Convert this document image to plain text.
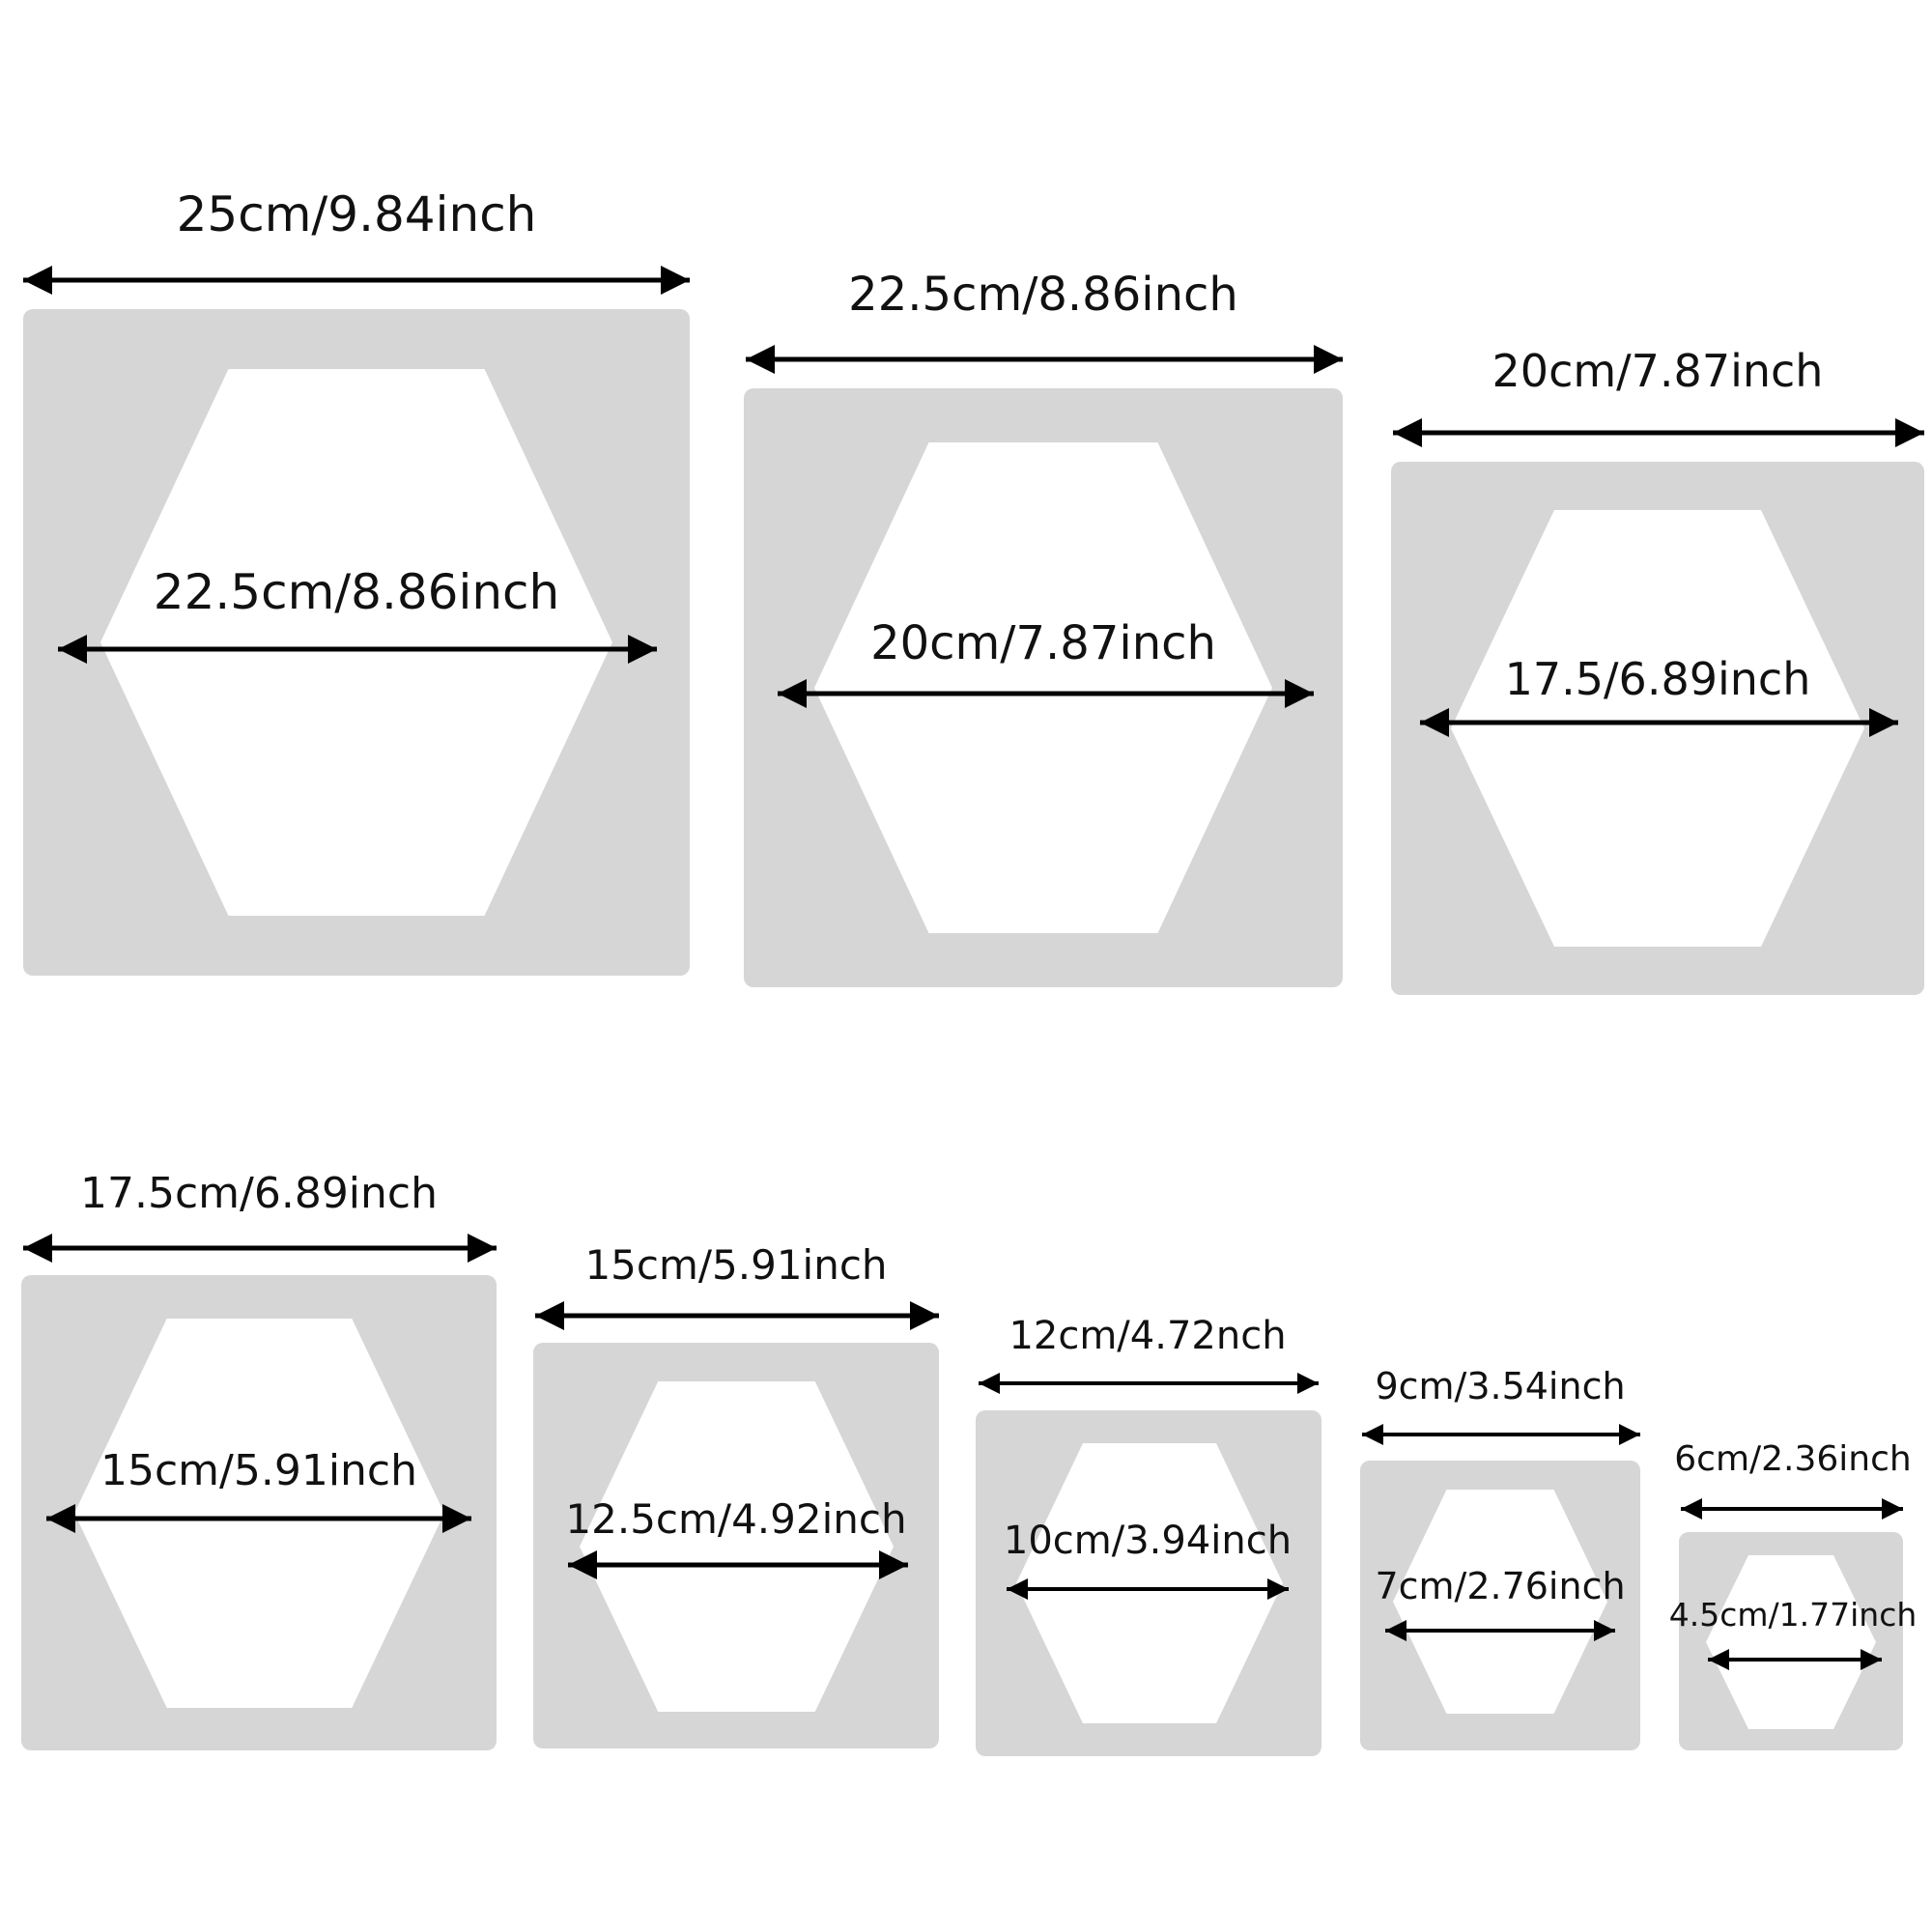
25cm/9.84inch
22.5cm/8.86inch
22.5cm/8.86inch
20cm/7.87inch
20cm/7.87inch
17.5/6.89inch
17.5cm/6.89inch
15cm/5.91inch
15cm/5.91inch
12.5cm/4.92inch
12cm/4.72nch
10cm/3.94inch
9cm/3.54inch
7cm/2.76inch
6cm/2.36inch
4.5cm/1.77inch
